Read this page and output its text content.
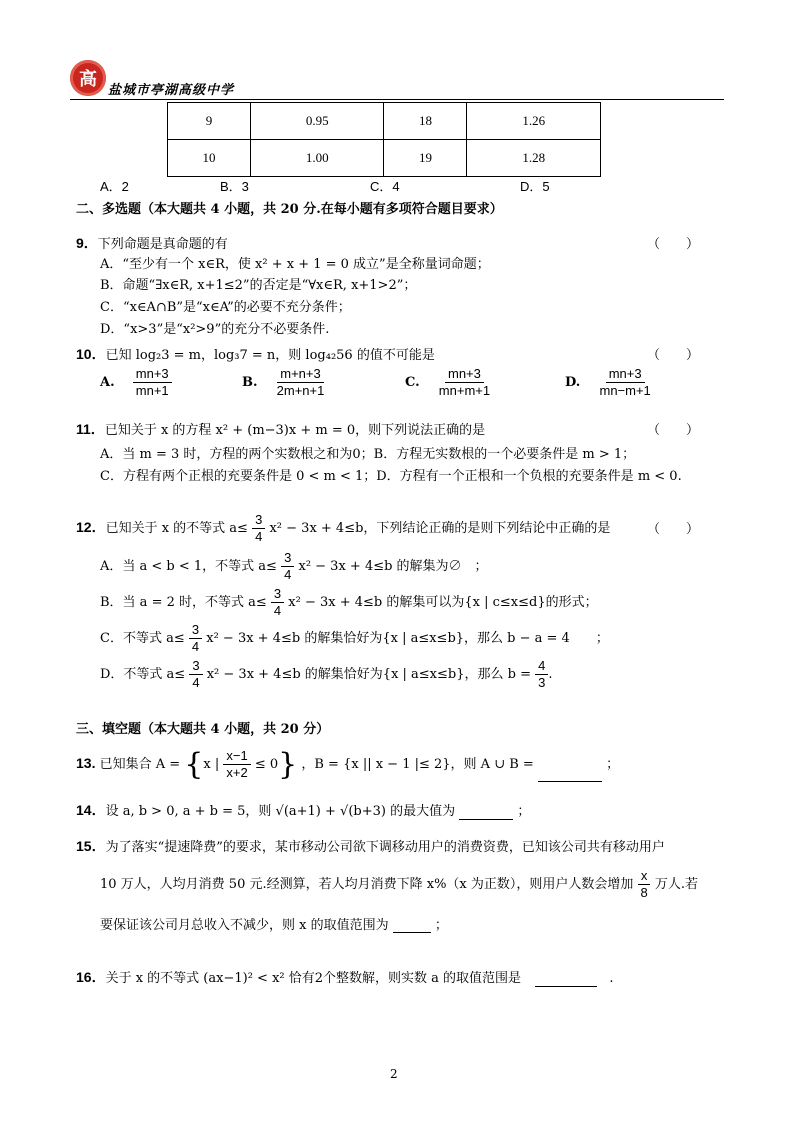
高
盐城市亭湖高级中学
9	0.95	18	1.26
10	1.00	19	1.28
A．2	B．3	C．4	D．5
二、多选题（本大题共 4 小题，共 20 分.在每小题有多项符合题目要求）
9．下列命题是真命题的有	（　　）
A．“至少有一个 x∈R，使 x² + x + 1 = 0 成立”是全称量词命题；
B．命题“∃x∈R, x+1≤2”的否定是“∀x∈R, x+1>2”；
C．“x∈A∩B”是“x∈A”的必要不充分条件；
D．“x>3”是“x²>9”的充分不必要条件.
10．已知 log₂3 = m，log₃7 = n，则 log₄₂56 的值不可能是	（　　）
A. $\frac{mn+3}{mn+1}$	B. $\frac{m+n+3}{2m+n+1}$	C. $\frac{mn+3}{mn+m+1}$	D. $\frac{mn+3}{mn-m+1}$
11．已知关于 x 的方程 x² + (m−3)x + m = 0，则下列说法正确的是	（　　）
A．当 m = 3 时，方程的两个实数根之和为0；B．方程无实数根的一个必要条件是 m > 1；
C．方程有两个正根的充要条件是 0 < m < 1；D．方程有一个正根和一个负根的充要条件是 m < 0.
12．已知关于 x 的不等式 $a\le \frac{3}{4} x^2 - 3x + 4\le b$，下列结论正确的是则下列结论中正确的是	（　　）
A．当 a < b < 1，不等式 $a\le \frac{3}{4} x^2 - 3x + 4\le b$ 的解集为∅　；
B．当 a = 2 时，不等式 $a\le \frac{3}{4} x^2 - 3x + 4\le b$ 的解集可以为{x | c≤x≤d}的形式；
C．不等式 $a\le \frac{3}{4} x^2 - 3x + 4\le b$ 的解集恰好为{x | a≤x≤b}，那么 b − a = 4　　；
D．不等式 $a\le \frac{3}{4} x^2 - 3x + 4\le b$ 的解集恰好为{x | a≤x≤b}，那么 $b = \frac{4}{3}$ .
三、填空题（本大题共 4 小题，共 20 分）
13. 已知集合 A = {x | $\frac{x-1}{x+2} \le 0$} ，B = {x || x − 1 |≤ 2}，则 A ∪ B =	；
14．设 a, b > 0, a + b = 5，则 √(a+1) + √(b+3) 的最大值为	；
15．为了落实“提速降费”的要求，某市移动公司欲下调移动用户的消费资费，已知该公司共有移动用户
10 万人，人均月消费 50 元.经测算，若人均月消费下降 x%（x 为正数），则用户人数会增加 $\frac{x}{8}$ 万人.若
要保证该公司月总收入不减少，则 x 的取值范围为	；
16．关于 x 的不等式 (ax−1)² < x² 恰有2个整数解，则实数 a 的取值范围是	.
2
